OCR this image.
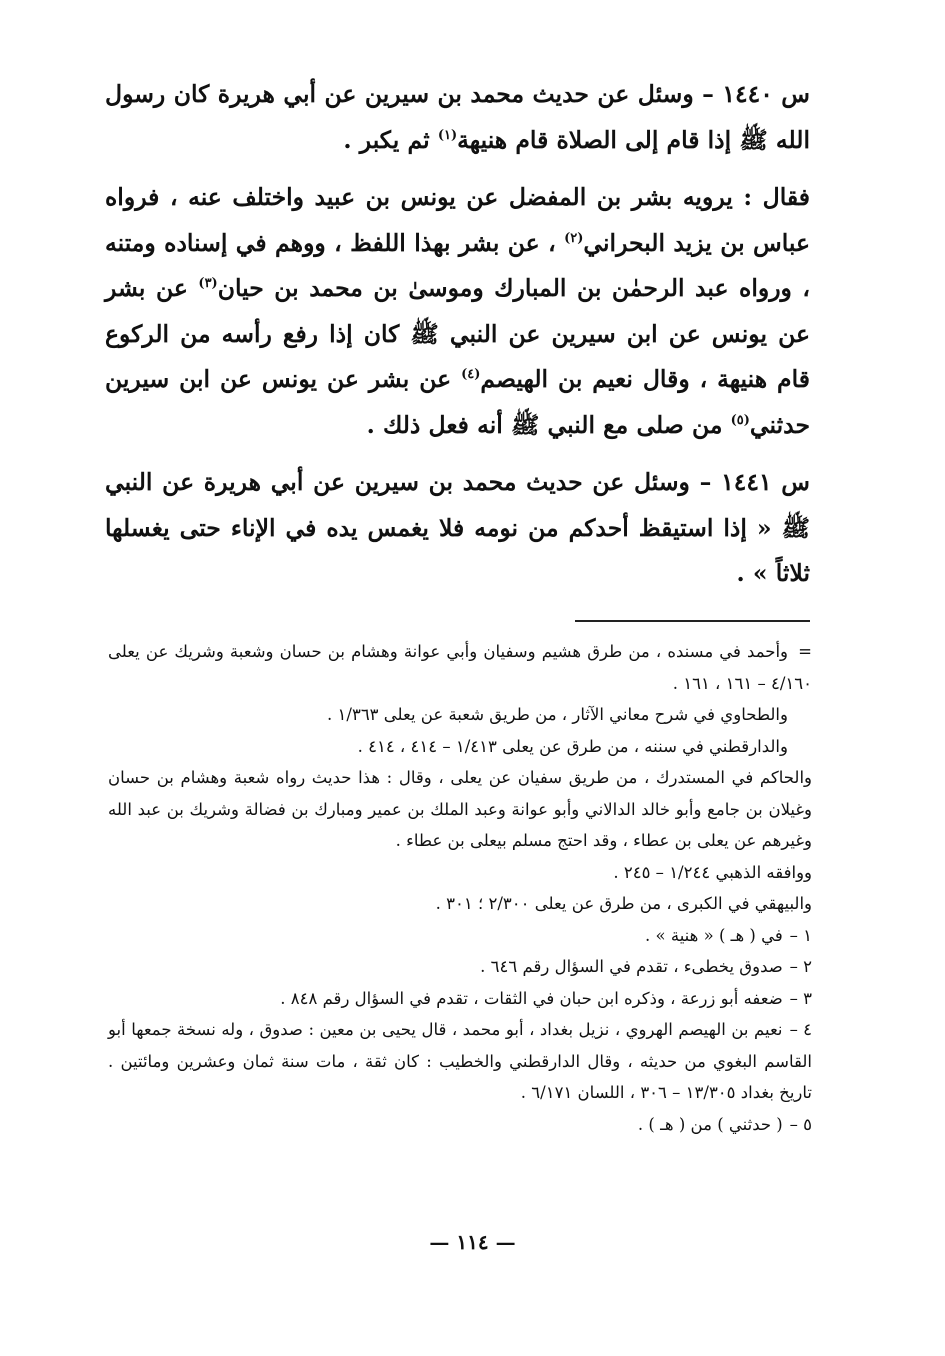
س ١٤٤٠ – وسئل عن حديث محمد بن سيرين عن أبي هريرة كان رسول الله ﷺ إذا قام إلى الصلاة قام هنيهة$^{(١)}$ ثم يكبر .

فقال : يرويه بشر بن المفضل عن يونس بن عبيد واختلف عنه ، فرواه عباس بن يزيد البحراني$^{(٢)}$ ، عن بشر بهذا اللفظ ، ووهم في إسناده ومتنه ، ورواه عبد الرحمٰن بن المبارك وموسىٰ بن محمد بن حيان$^{(٣)}$ عن بشر عن يونس عن ابن سيرين عن النبي ﷺ كان إذا رفع رأسه من الركوع قام هنيهة ، وقال نعيم بن الهيصم$^{(٤)}$ عن بشر عن يونس عن ابن سيرين حدثني$^{(٥)}$ من صلى مع النبي ﷺ أنه فعل ذلك .

س ١٤٤١ – وسئل عن حديث محمد بن سيرين عن أبي هريرة عن النبي ﷺ « إذا استيقظ أحدكم من نومه فلا يغمس يده في الإناء حتى يغسلها ثلاثاً » .

=وأحمد في مسنده ، من طرق هشيم وسفيان وأبي عوانة وهشام بن حسان وشعبة وشريك عن يعلى ٤/١٦٠ – ١٦١ ، ١٦١ .

والطحاوي في شرح معاني الآثار ، من طريق شعبة عن يعلى ١/٣٦٣ .

والدارقطني في سننه ، من طرق عن يعلى ١/٤١٣ – ٤١٤ ، ٤١٤ .

والحاكم في المستدرك ، من طريق سفيان عن يعلى ، وقال : هذا حديث رواه شعبة وهشام بن حسان وغيلان بن جامع وأبو خالد الدالاني وأبو عوانة وعبد الملك بن عمير ومبارك بن فضالة وشريك بن عبد الله وغيرهم عن يعلى بن عطاء ، وقد احتج مسلم بيعلى بن عطاء .

ووافقه الذهبي ١/٢٤٤ – ٢٤٥ .

والبيهقي في الكبرى ، من طرق عن يعلى ٢/٣٠٠ ؛ ٣٠١ .

١ – في ( هـ ) « هنية » .

٢ – صدوق يخطىء ، تقدم في السؤال رقم ٦٤٦ .

٣ – ضعفه أبو زرعة ، وذكره ابن حبان في الثقات ، تقدم في السؤال رقم ٨٤٨ .

٤ – نعيم بن الهيصم الهروي ، نزيل بغداد ، أبو محمد ، قال يحيى بن معين : صدوق ، وله نسخة جمعها أبو القاسم البغوي من حديثه ، وقال الدارقطني والخطيب : كان ثقة ، مات سنة ثمان وعشرين ومائتين . تاريخ بغداد ١٣/٣٠٥ – ٣٠٦ ، اللسان ٦/١٧١ .

٥ – ( حدثني ) من ( هـ ) .

— ١١٤ —
